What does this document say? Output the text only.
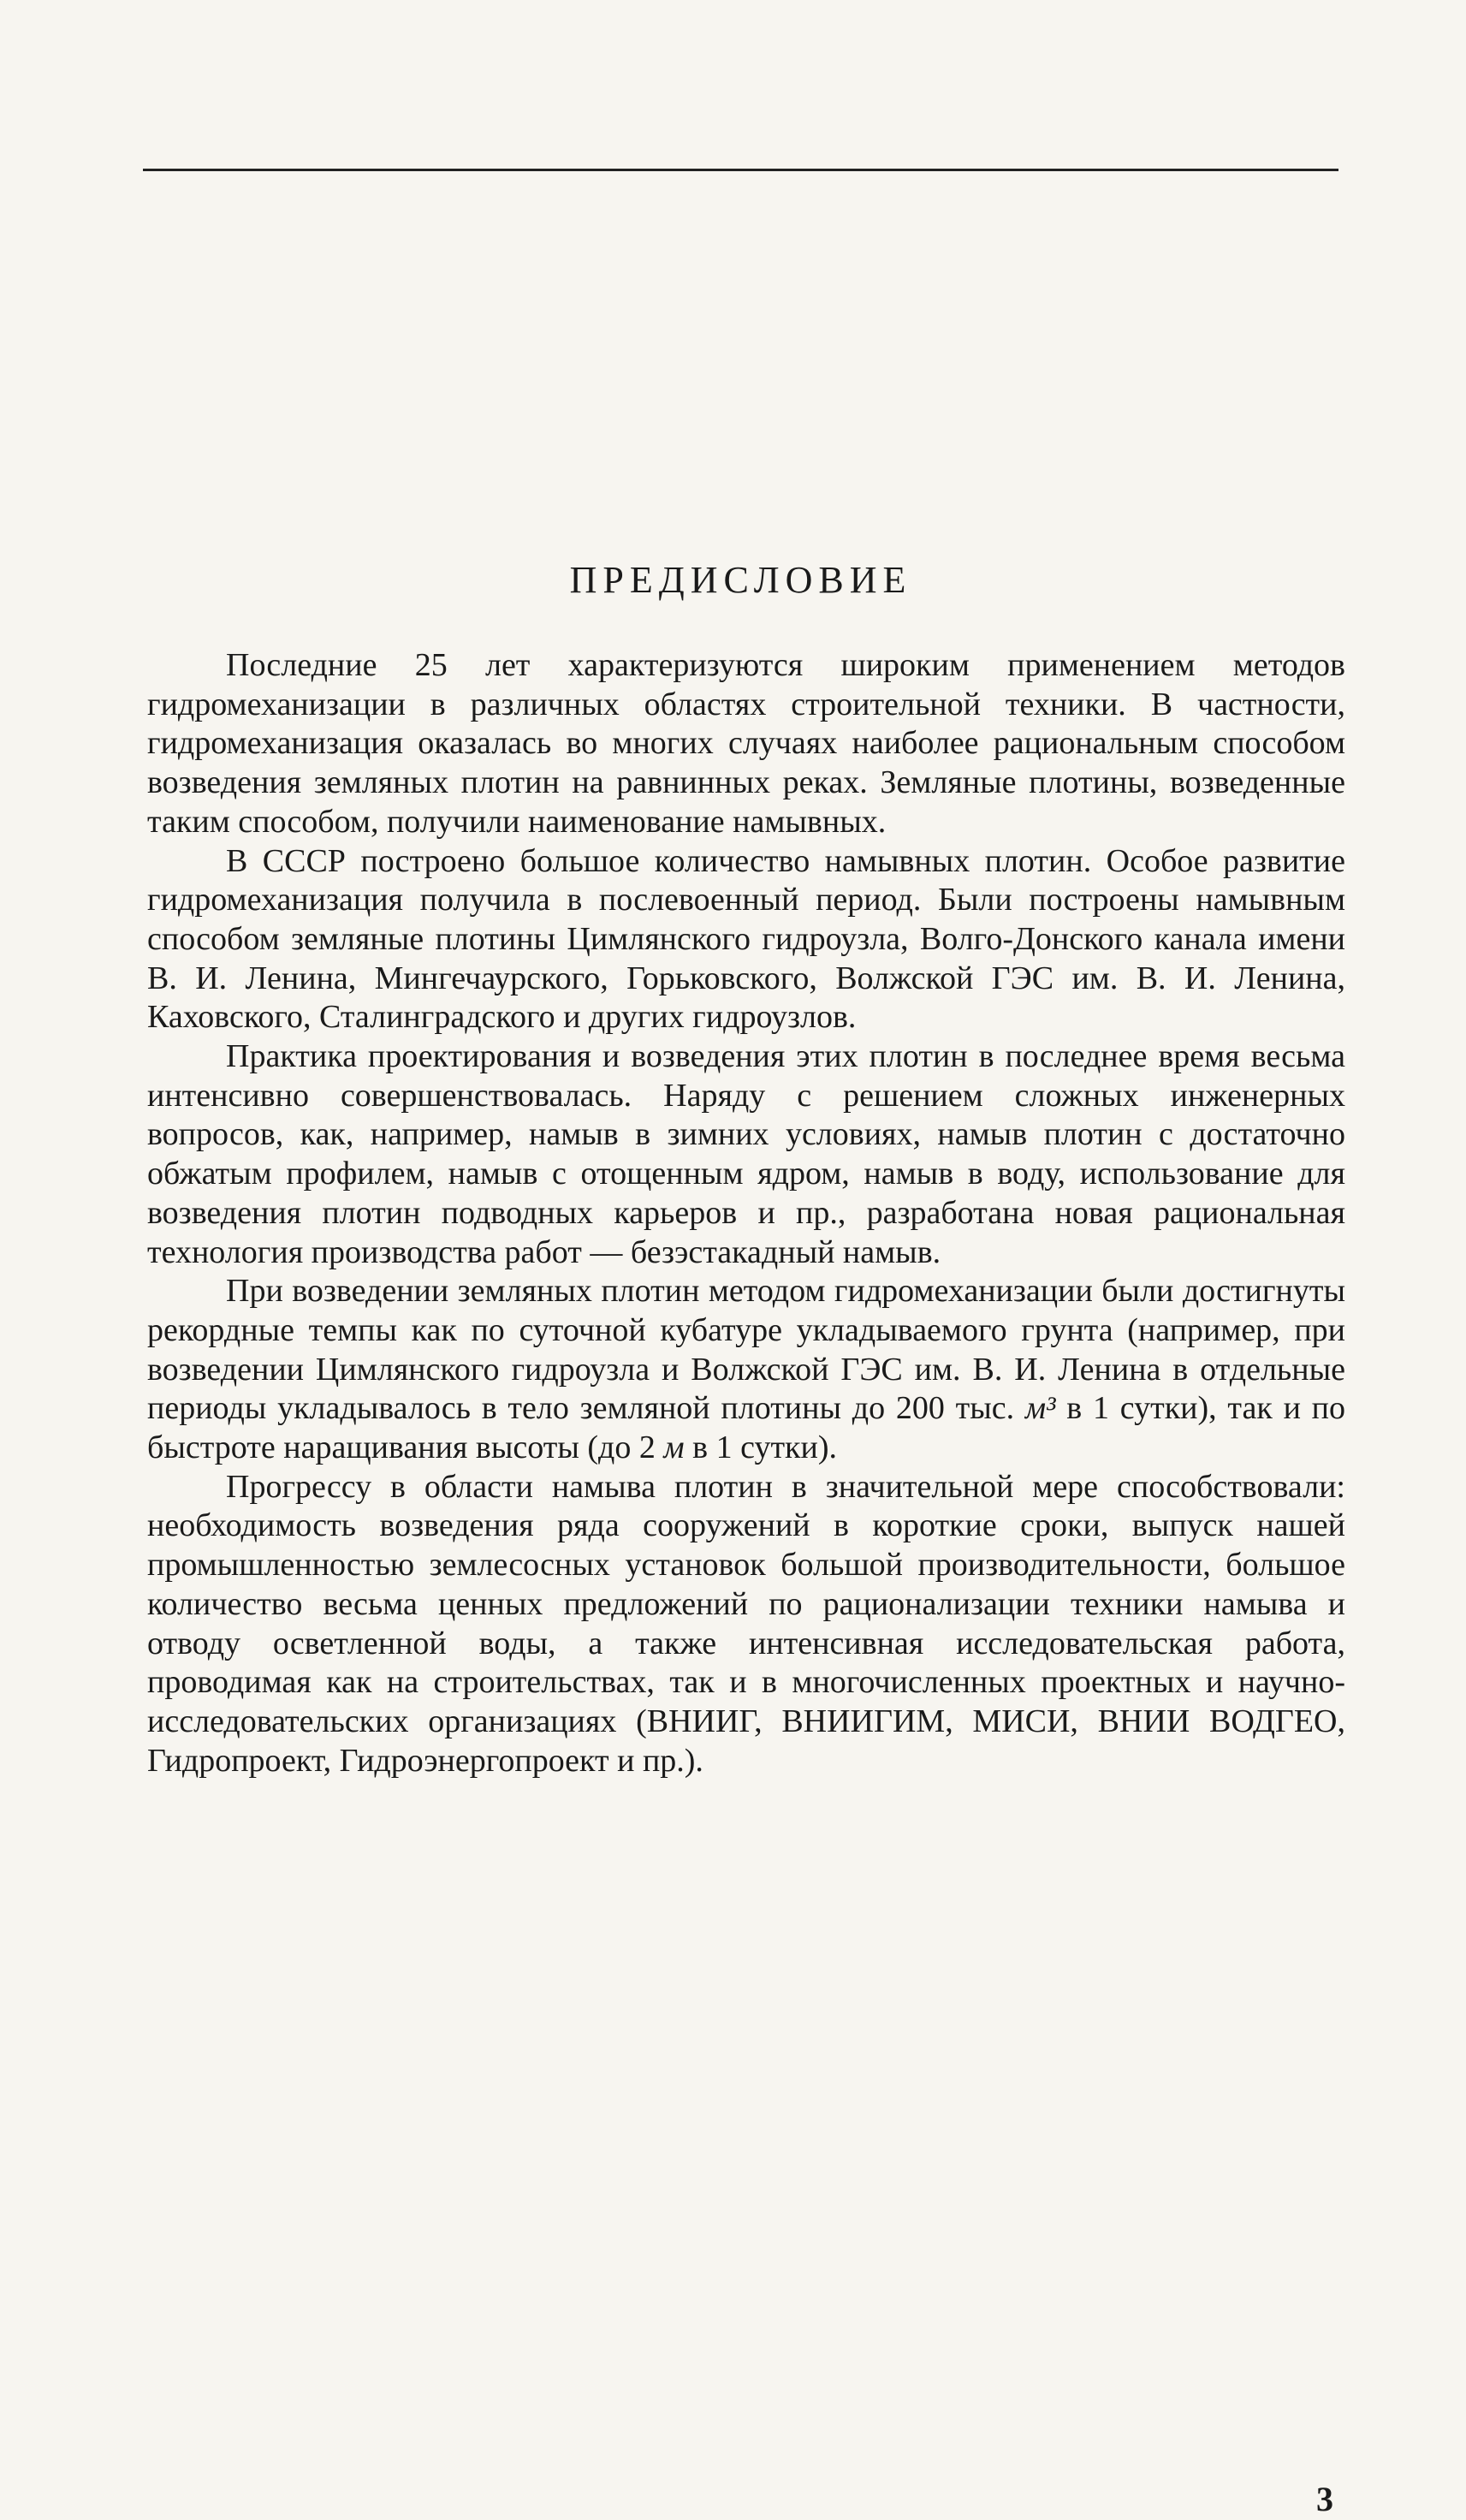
ПРЕДИСЛОВИЕ

Последние 25 лет характеризуются широким применением методов гидромеханизации в различных областях строительной техники. В частности, гидромеханизация оказалась во многих случаях наиболее рациональным способом возведения земляных плотин на равнинных реках. Земляные плотины, возведенные таким способом, получили наименование намывных.

В СССР построено большое количество намывных плотин. Особое развитие гидромеханизация получила в послевоенный период. Были построены намывным способом земляные плотины Цимлянского гидроузла, Волго-Донского канала имени В. И. Ленина, Мингечаурского, Горьковского, Волжской ГЭС им. В. И. Ленина, Каховского, Сталинградского и других гидроузлов.

Практика проектирования и возведения этих плотин в последнее время весьма интенсивно совершенствовалась. Наряду с решением сложных инженерных вопросов, как, например, намыв в зимних условиях, намыв плотин с достаточно обжатым профилем, намыв с отощенным ядром, намыв в воду, использование для возведения плотин подводных карьеров и пр., разработана новая рациональная технология производства работ — безэстакадный намыв.

При возведении земляных плотин методом гидромеханизации были достигнуты рекордные темпы как по суточной кубатуре укладываемого грунта (например, при возведении Цимлянского гидроузла и Волжской ГЭС им. В. И. Ленина в отдельные периоды укладывалось в тело земляной плотины до 200 тыс. м³ в 1 сутки), так и по быстроте наращивания высоты (до 2 м в 1 сутки).

Прогрессу в области намыва плотин в значительной мере способствовали: необходимость возведения ряда сооружений в короткие сроки, выпуск нашей промышленностью землесосных установок большой производительности, большое количество весьма ценных предложений по рационализации техники намыва и отводу осветленной воды, а также интенсивная исследовательская работа, проводимая как на строительствах, так и в многочисленных проектных и научно-исследовательских организациях (ВНИИГ, ВНИИГИМ, МИСИ, ВНИИ ВОДГЕО, Гидропроект, Гидроэнергопроект и пр.).

3
